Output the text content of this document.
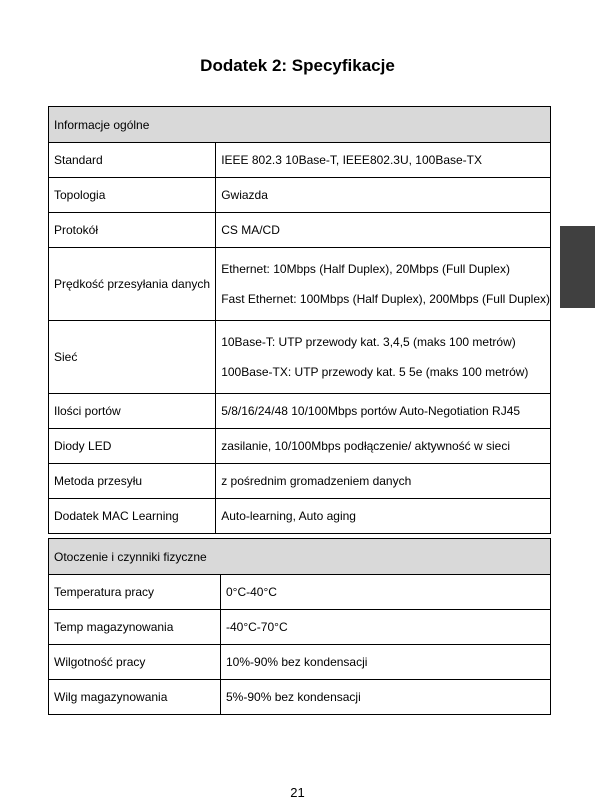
Dodatek 2: Specyfikacje
Informacje ogólne	
Standard	IEEE 802.3 10Base-T, IEEE802.3U, 100Base-TX

Topologia	Gwiazda

Protokół	CS MA/CD

Prędkość przesyłania danych	Ethernet: 10Mbps (Half Duplex), 20Mbps (Full Duplex)
Fast Ethernet: 100Mbps (Half Duplex), 200Mbps (Full Duplex)

Sieć	10Base-T: UTP przewody kat. 3,4,5 (maks 100 metrów)
100Base-TX: UTP przewody kat. 5 5e (maks 100 metrów)

Ilości portów	5/8/16/24/48 10/100Mbps portów Auto-Negotiation RJ45

Diody LED	zasilanie, 10/100Mbps podłączenie/ aktywność w sieci

Metoda przesyłu	z pośrednim gromadzeniem danych

Dodatek MAC Learning	Auto-learning, Auto aging
Otoczenie i czynniki fizyczne	
Temperatura pracy	0°C-40°C

Temp magazynowania	-40°C-70°C

Wilgotność pracy	10%-90% bez kondensacji

Wilg magazynowania	5%-90% bez kondensacji
21
